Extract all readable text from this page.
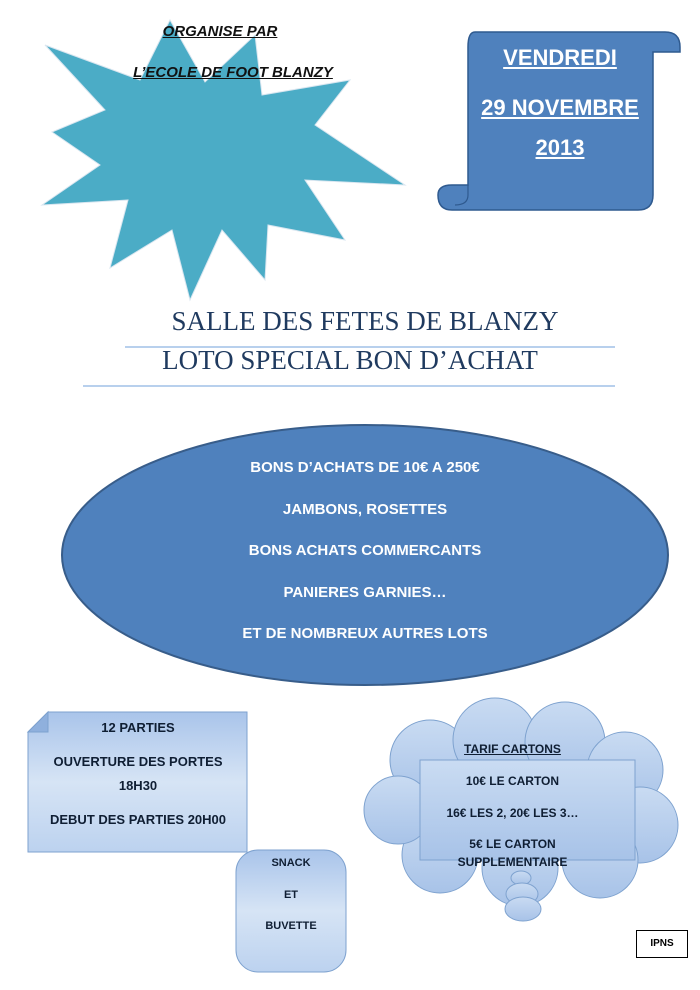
ORGANISE PAR
L’ECOLE DE FOOT BLANZY
VENDREDI
29 NOVEMBRE
2013
SALLE DES FETES DE BLANZY
LOTO SPECIAL BON D’ACHAT
BONS D’ACHATS DE 10€ A 250€
JAMBONS, ROSETTES
BONS ACHATS COMMERCANTS
PANIERES GARNIES…
ET DE NOMBREUX AUTRES LOTS
12 PARTIES
OUVERTURE DES PORTES
18H30
DEBUT DES PARTIES 20H00
SNACK
ET
BUVETTE
TARIF CARTONS
10€ LE CARTON
16€ LES 2, 20€ LES 3…
5€ LE CARTON
SUPPLEMENTAIRE
IPNS
